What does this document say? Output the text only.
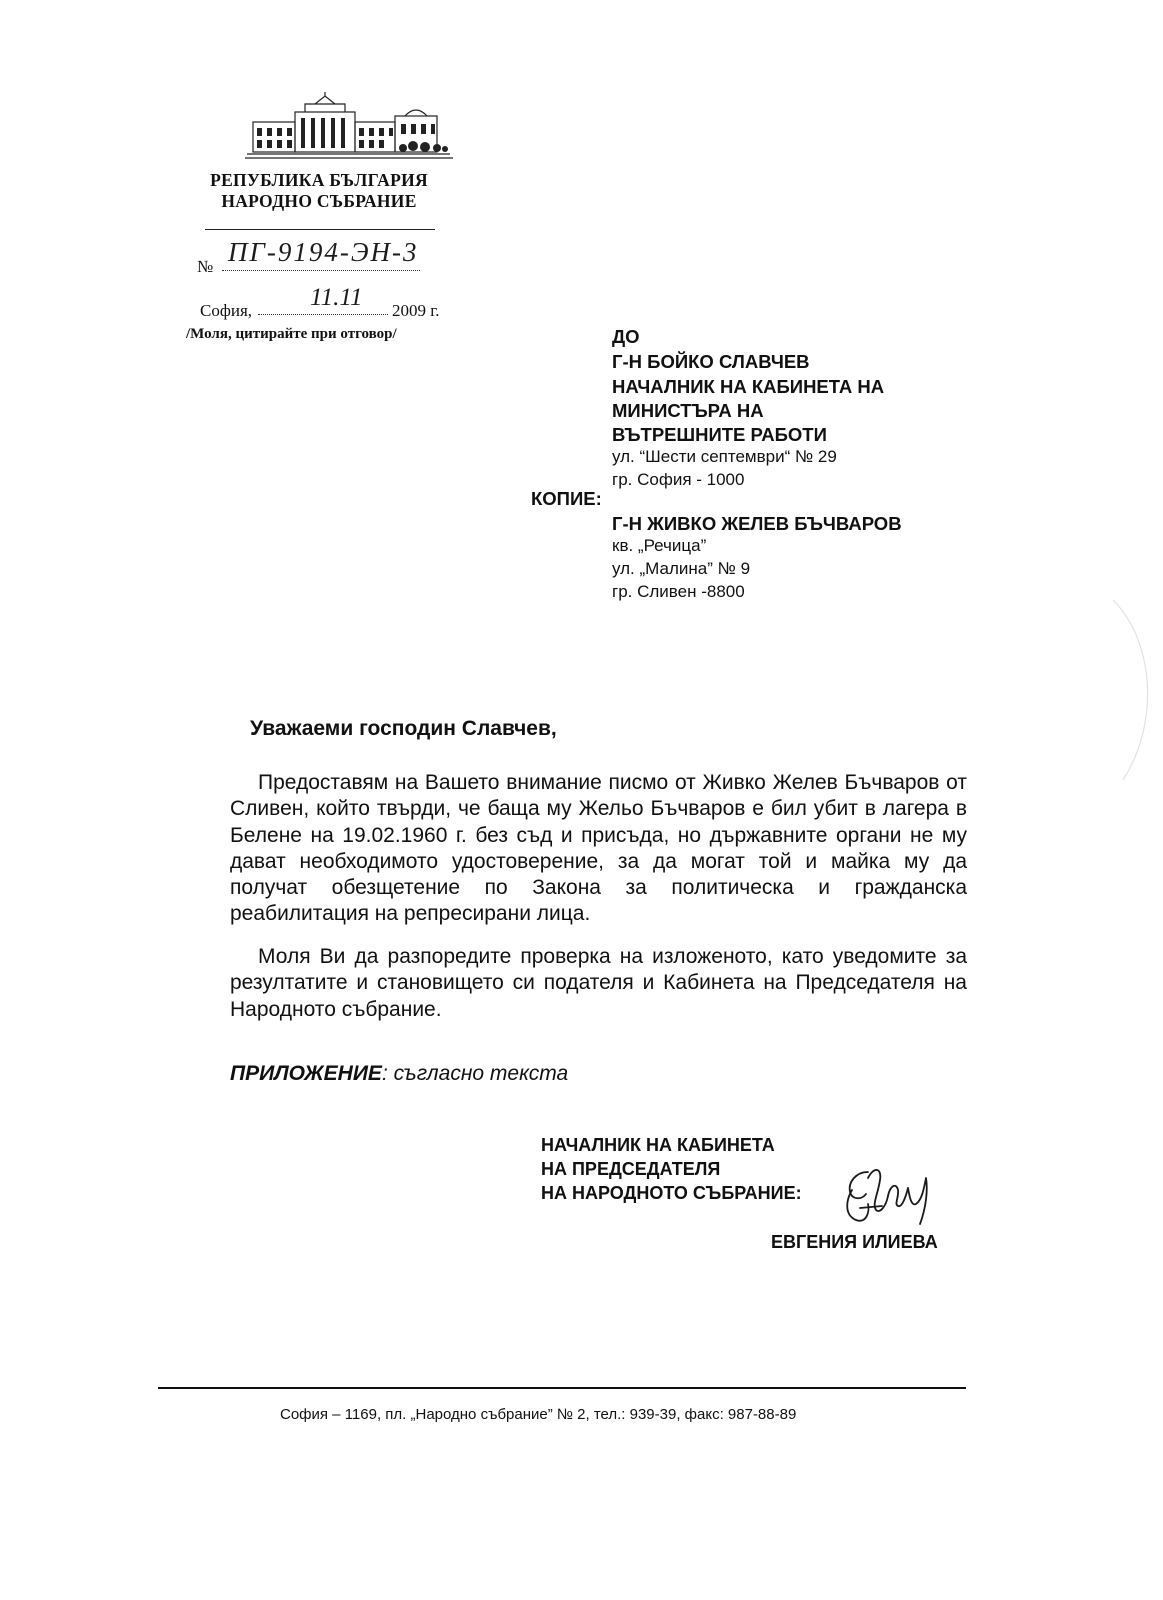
РЕПУБЛИКА БЪЛГАРИЯ
НАРОДНО СЪБРАНИЕ
№ ПГ-9194-ЭН-3
София, 11.11 2009 г.
/Моля, цитирайте при отговор/	ДО
Г-Н БОЙКО СЛАВЧЕВ
НАЧАЛНИК НА КАБИНЕТА НА
МИНИСТЪРА НА
ВЪТРЕШНИТЕ РАБОТИ
ул. “Шести септември“ № 29
гр. София - 1000
КОПИЕ:
Г-Н ЖИВКО ЖЕЛЕВ БЪЧВАРОВ
кв. „Речица”
ул. „Малина” № 9
гр. Сливен -8800
Уважаеми господин Славчев,
Предоставям на Вашето внимание писмо от Живко Желев Бъчваров от Сливен, който твърди, че баща му Жельо Бъчваров е бил убит в лагера в Белене на 19.02.1960 г. без съд и присъда, но държавните органи не му дават необходимото удостоверение, за да могат той и майка му да получат обезщетение по Закона за политическа и гражданска реабилитация на репресирани лица.
Моля Ви да разпоредите проверка на изложеното, като уведомите за резултатите и становището си подателя и Кабинета на Председателя на Народното събрание.
ПРИЛОЖЕНИЕ: съгласно текста
НАЧАЛНИК НА КАБИНЕТА
НА ПРЕДСЕДАТЕЛЯ
НА НАРОДНОТО СЪБРАНИЕ:
ЕВГЕНИЯ ИЛИЕВА
София – 1169, пл. „Народно събрание” № 2, тел.: 939-39, факс: 987-88-89
